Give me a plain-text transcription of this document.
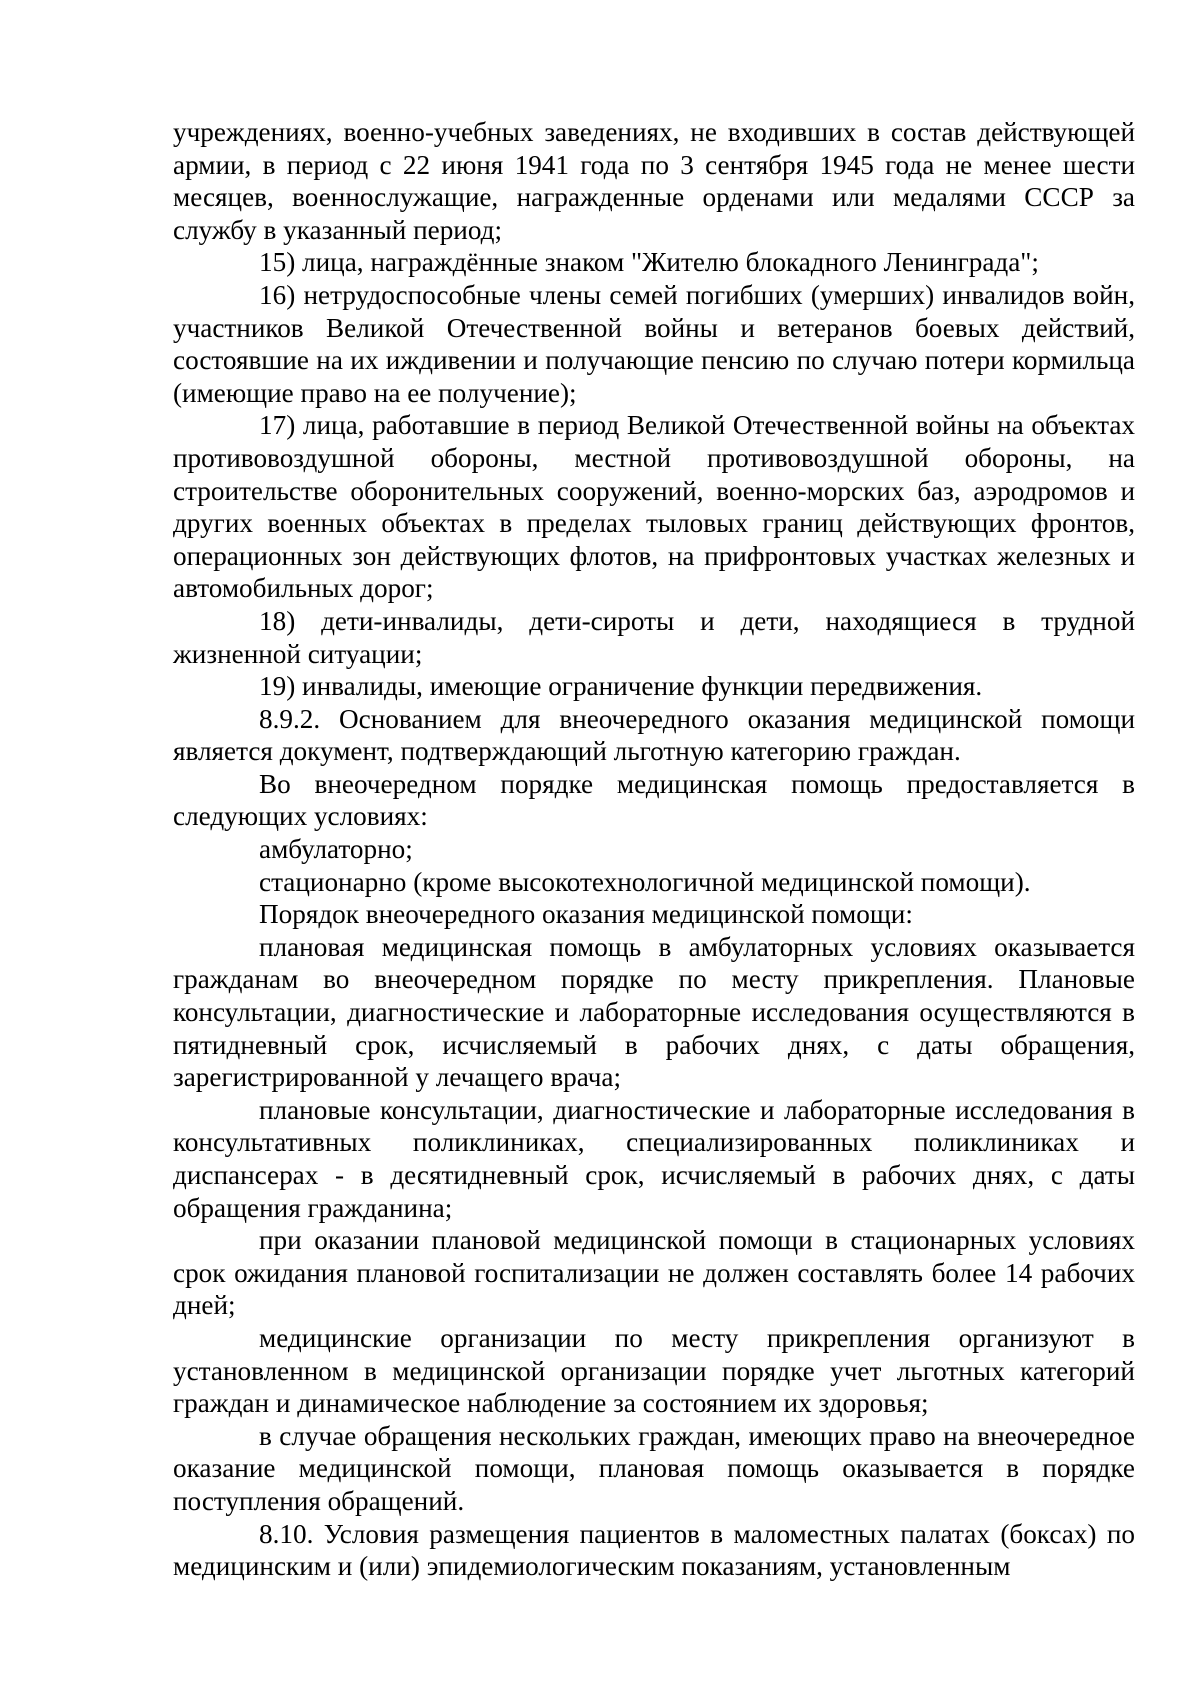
учреждениях, военно-учебных заведениях, не входивших в состав действующей армии, в период с 22 июня 1941 года по 3 сентября 1945 года не менее шести месяцев, военнослужащие, награжденные орденами или медалями СССР за службу в указанный период;

15) лица, награждённые знаком "Жителю блокадного Ленинграда";

16) нетрудоспособные члены семей погибших (умерших) инвалидов войн, участников Великой Отечественной войны и ветеранов боевых действий, состоявшие на их иждивении и получающие пенсию по случаю потери кормильца (имеющие право на ее получение);

17) лица, работавшие в период Великой Отечественной войны на объектах противовоздушной обороны, местной противовоздушной обороны, на строительстве оборонительных сооружений, военно-морских баз, аэродромов и других военных объектах в пределах тыловых границ действующих фронтов, операционных зон действующих флотов, на прифронтовых участках железных и автомобильных дорог;

18) дети-инвалиды, дети-сироты и дети, находящиеся в трудной жизненной ситуации;

19) инвалиды, имеющие ограничение функции передвижения.

8.9.2. Основанием для внеочередного оказания медицинской помощи является документ, подтверждающий льготную категорию граждан.

Во внеочередном порядке медицинская помощь предоставляется в следующих условиях:

амбулаторно;

стационарно (кроме высокотехнологичной медицинской помощи).

Порядок внеочередного оказания медицинской помощи:

плановая медицинская помощь в амбулаторных условиях оказывается гражданам во внеочередном порядке по месту прикрепления. Плановые консультации, диагностические и лабораторные исследования осуществляются в пятидневный срок, исчисляемый в рабочих днях, с даты обращения, зарегистрированной у лечащего врача;

плановые консультации, диагностические и лабораторные исследования в консультативных поликлиниках, специализированных поликлиниках и диспансерах - в десятидневный срок, исчисляемый в рабочих днях, с даты обращения гражданина;

при оказании плановой медицинской помощи в стационарных условиях срок ожидания плановой госпитализации не должен составлять более 14 рабочих дней;

медицинские организации по месту прикрепления организуют в установленном в медицинской организации порядке учет льготных категорий граждан и динамическое наблюдение за состоянием их здоровья;

в случае обращения нескольких граждан, имеющих право на внеочередное оказание медицинской помощи, плановая помощь оказывается в порядке поступления обращений.

8.10. Условия размещения пациентов в маломестных палатах (боксах) по медицинским и (или) эпидемиологическим показаниям, установленным
